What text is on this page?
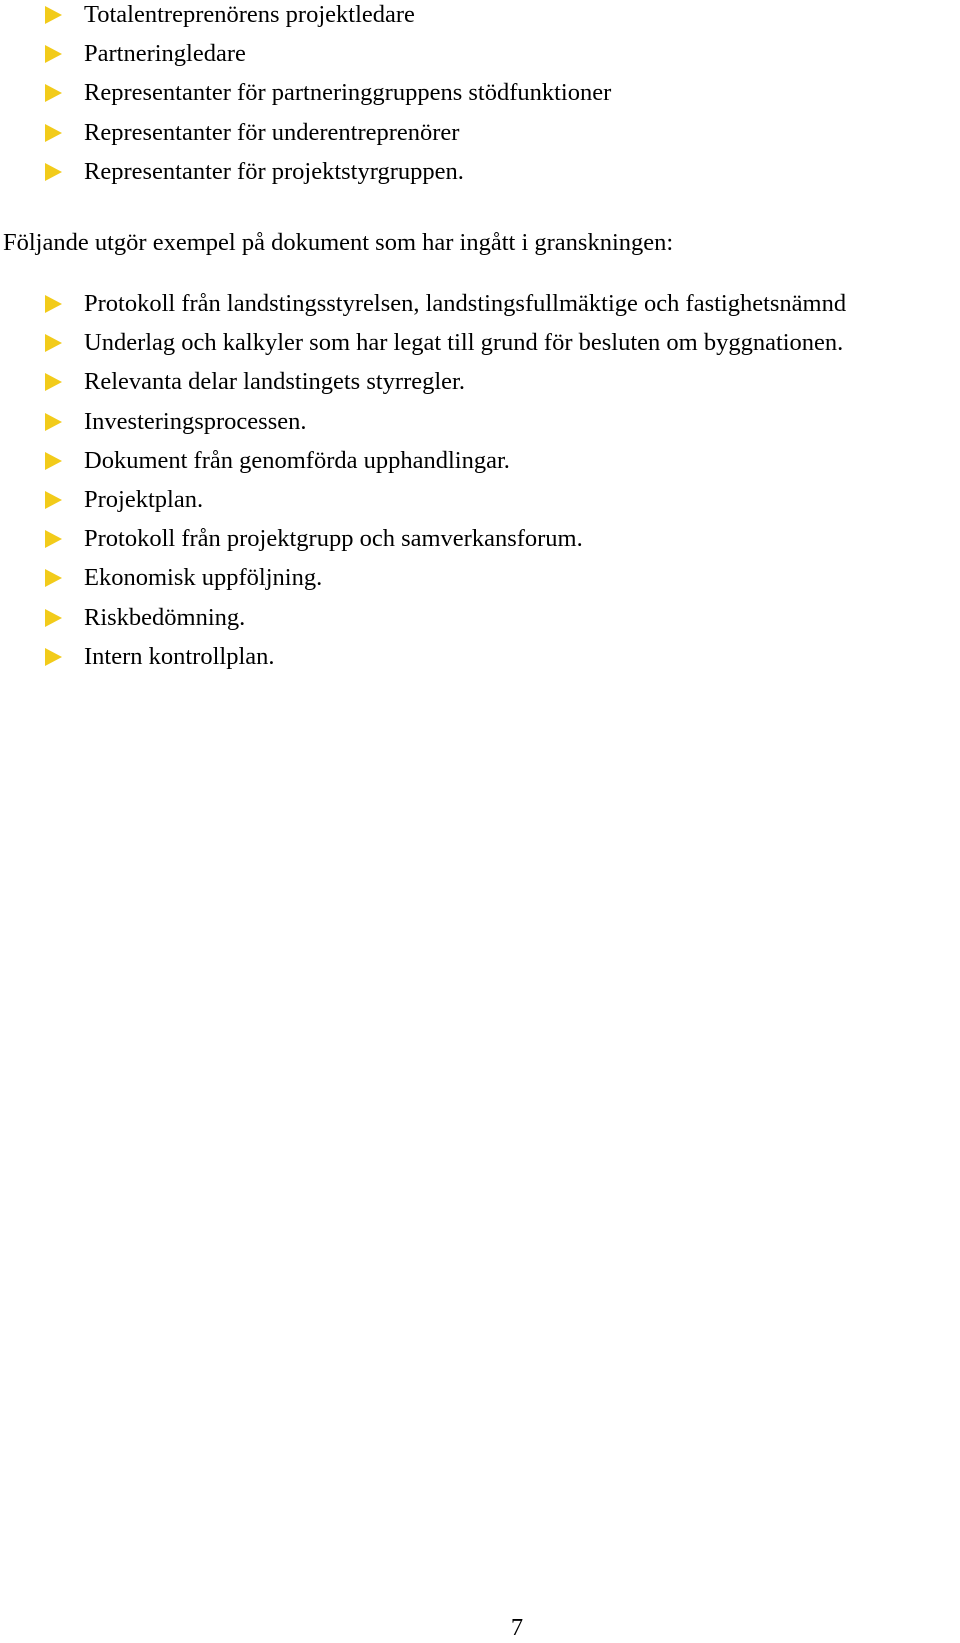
Totalentreprenörens projektledare
Partneringledare
Representanter för partneringgruppens stödfunktioner
Representanter för underentreprenörer
Representanter för projektstyrgruppen.

Följande utgör exempel på dokument som har ingått i granskningen:

Protokoll från landstingsstyrelsen, landstingsfullmäktige och fastighetsnämnd
Underlag och kalkyler som har legat till grund för besluten om byggnationen.
Relevanta delar landstingets styrregler.
Investeringsprocessen.
Dokument från genomförda upphandlingar.
Projektplan.
Protokoll från projektgrupp och samverkansforum.
Ekonomisk uppföljning.
Riskbedömning.
Intern kontrollplan.
7
